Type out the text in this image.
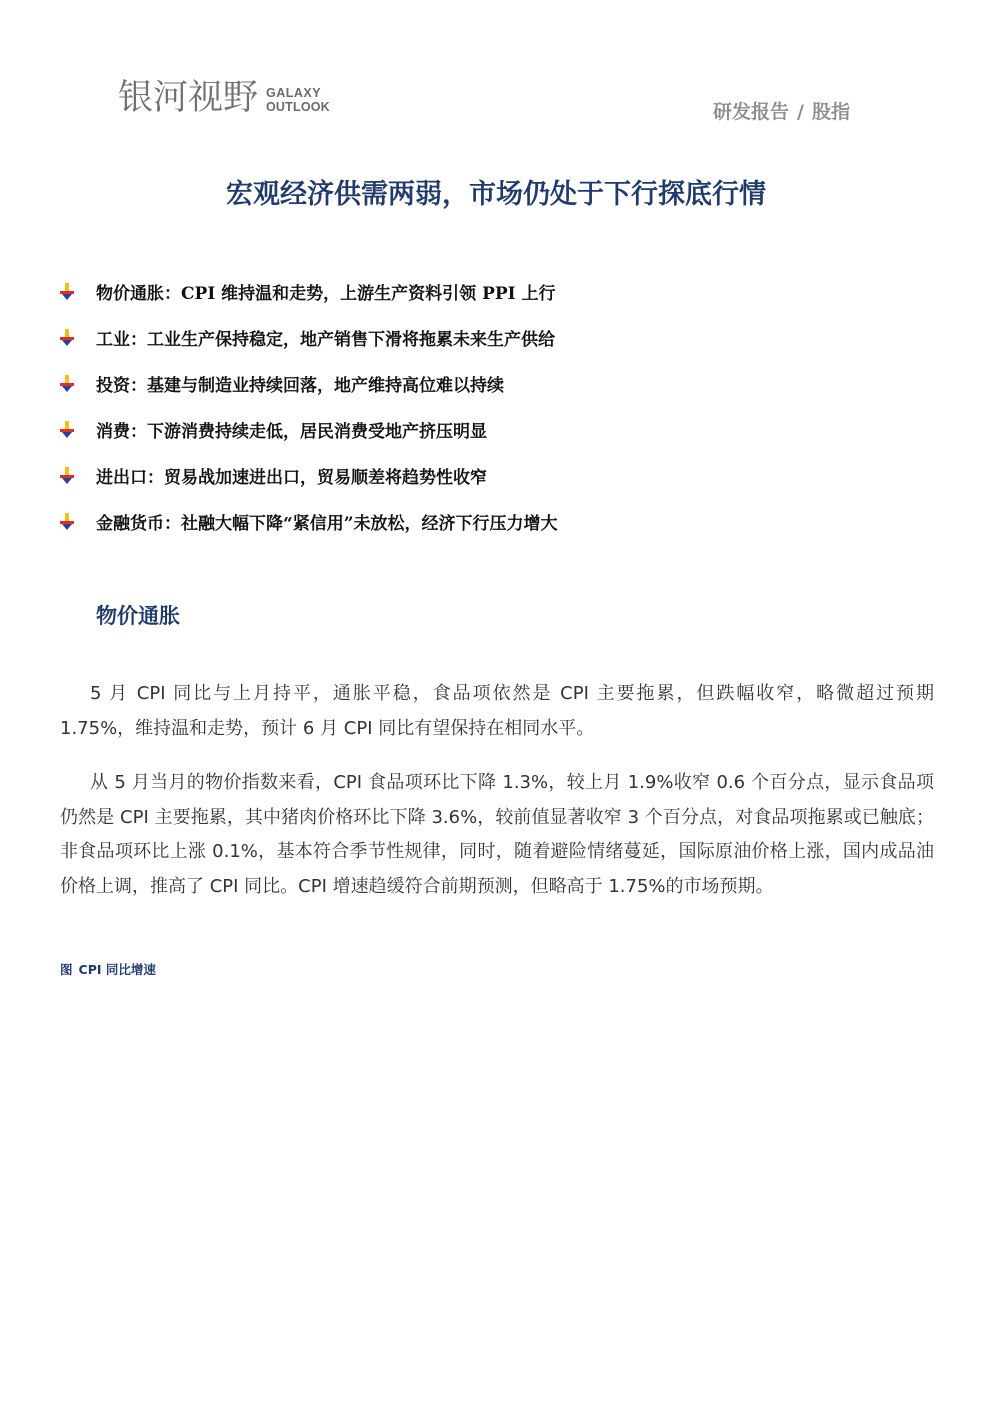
银河视野 GALAXY
OUTLOOK	研发报告 / 股指
宏观经济供需两弱，市场仍处于下行探底行情
物价通胀：CPI 维持温和走势，上游生产资料引领 PPI 上行
工业：工业生产保持稳定，地产销售下滑将拖累未来生产供给
投资：基建与制造业持续回落，地产维持高位难以持续
消费：下游消费持续走低，居民消费受地产挤压明显
进出口：贸易战加速进出口，贸易顺差将趋势性收窄
金融货币：社融大幅下降“紧信用”未放松，经济下行压力增大
物价通胀

5 月 CPI 同比与上月持平，通胀平稳，食品项依然是 CPI 主要拖累，但跌幅收窄，略微超过预期 1.75%，维持温和走势，预计 6 月 CPI 同比有望保持在相同水平。

从 5 月当月的物价指数来看，CPI 食品项环比下降 1.3%，较上月 1.9%收窄 0.6 个百分点，显示食品项仍然是 CPI 主要拖累，其中猪肉价格环比下降 3.6%，较前值显著收窄 3 个百分点，对食品项拖累或已触底；非食品项环比上涨 0.1%，基本符合季节性规律，同时，随着避险情绪蔓延，国际原油价格上涨，国内成品油价格上调，推高了 CPI 同比。CPI 增速趋缓符合前期预测，但略高于 1.75%的市场预期。

图 CPI 同比增速
